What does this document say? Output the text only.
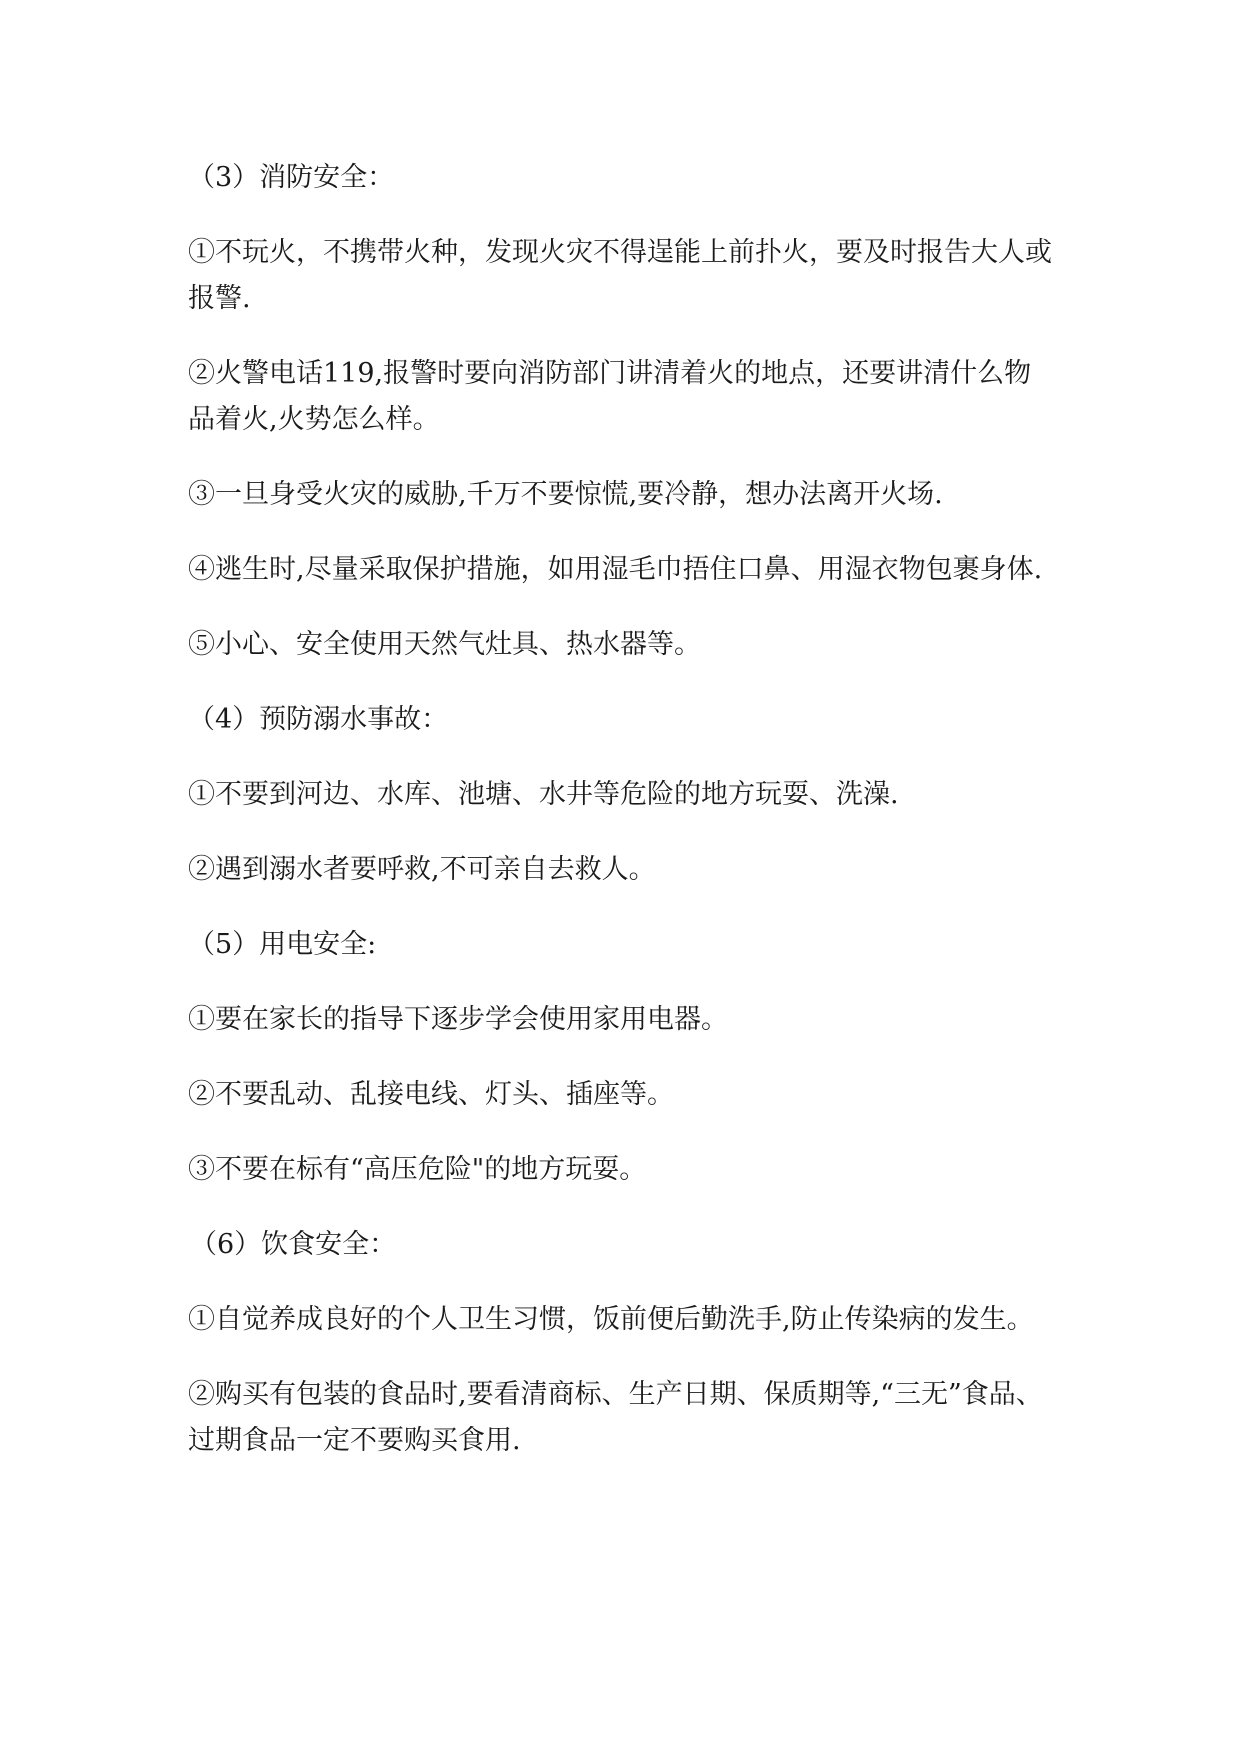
（3）消防安全：

①不玩火，不携带火种，发现火灾不得逞能上前扑火，要及时报告大人或报警.

②火警电话119,报警时要向消防部门讲清着火的地点，还要讲清什么物品着火,火势怎么样。

③一旦身受火灾的威胁,千万不要惊慌,要冷静，想办法离开火场.

④逃生时,尽量采取保护措施，如用湿毛巾捂住口鼻、用湿衣物包裹身体.

⑤小心、安全使用天然气灶具、热水器等。

（4）预防溺水事故：

①不要到河边、水库、池塘、水井等危险的地方玩耍、洗澡.

②遇到溺水者要呼救,不可亲自去救人。

（5）用电安全:

①要在家长的指导下逐步学会使用家用电器。

②不要乱动、乱接电线、灯头、插座等。

③不要在标有“高压危险"的地方玩耍。

（6）饮食安全：

①自觉养成良好的个人卫生习惯，饭前便后勤洗手,防止传染病的发生。

②购买有包装的食品时,要看清商标、生产日期、保质期等,“三无”食品、过期食品一定不要购买食用.
